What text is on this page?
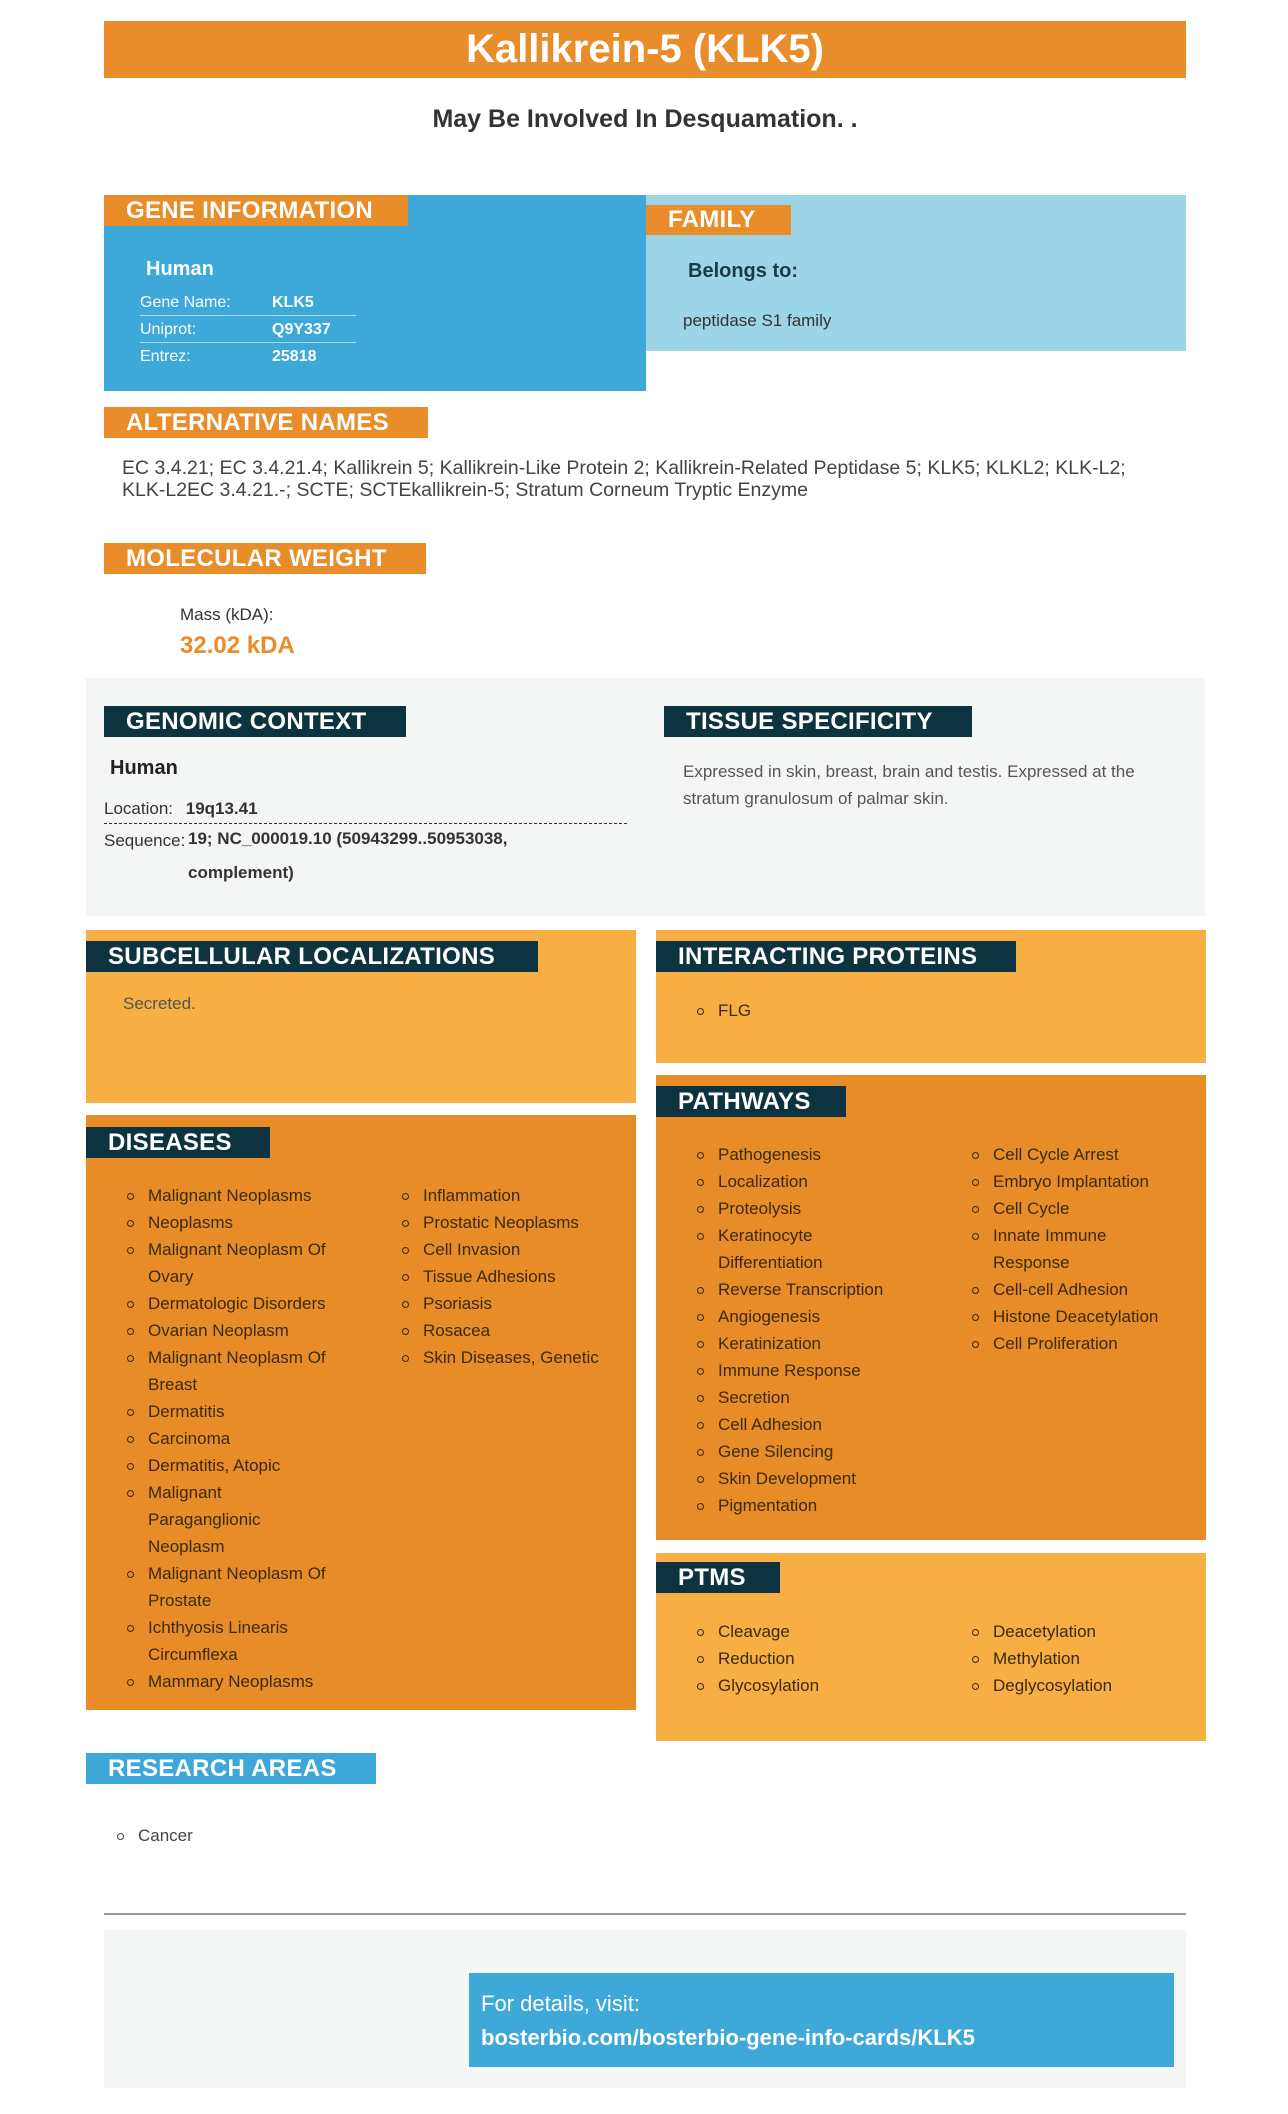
Kallikrein-5 (KLK5)
May Be Involved In Desquamation. .
GENE INFORMATION
Human
Gene Name:	KLK5
Uniprot:	Q9Y337
Entrez:	25818
FAMILY
Belongs to:
peptidase S1 family
ALTERNATIVE NAMES
EC 3.4.21; EC 3.4.21.4; Kallikrein 5; Kallikrein-Like Protein 2; Kallikrein-Related Peptidase 5; KLK5; KLKL2; KLK-L2; KLK-L2EC 3.4.21.-; SCTE; SCTEkallikrein-5; Stratum Corneum Tryptic Enzyme
MOLECULAR WEIGHT
Mass (kDA):
32.02 kDA
GENOMIC CONTEXT
Human
Location: 19q13.41
Sequence: 19; NC_000019.10 (50943299..50953038, complement)
TISSUE SPECIFICITY
Expressed in skin, breast, brain and testis. Expressed at the stratum granulosum of palmar skin.
SUBCELLULAR LOCALIZATIONS
Secreted.
DISEASES
Malignant Neoplasms
Neoplasms
Malignant Neoplasm Of Ovary
Dermatologic Disorders
Ovarian Neoplasm
Malignant Neoplasm Of Breast
Dermatitis
Carcinoma
Dermatitis, Atopic
Malignant Paraganglionic Neoplasm
Malignant Neoplasm Of Prostate
Ichthyosis Linearis Circumflexa
Mammary Neoplasms
Inflammation
Prostatic Neoplasms
Cell Invasion
Tissue Adhesions
Psoriasis
Rosacea
Skin Diseases, Genetic
INTERACTING PROTEINS
FLG
PATHWAYS
Pathogenesis
Localization
Proteolysis
Keratinocyte Differentiation
Reverse Transcription
Angiogenesis
Keratinization
Immune Response
Secretion
Cell Adhesion
Gene Silencing
Skin Development
Pigmentation
Cell Cycle Arrest
Embryo Implantation
Cell Cycle
Innate Immune Response
Cell-cell Adhesion
Histone Deacetylation
Cell Proliferation
PTMS
Cleavage
Reduction
Glycosylation
Deacetylation
Methylation
Deglycosylation
RESEARCH AREAS
Cancer
For details, visit:
bosterbio.com/bosterbio-gene-info-cards/KLK5
